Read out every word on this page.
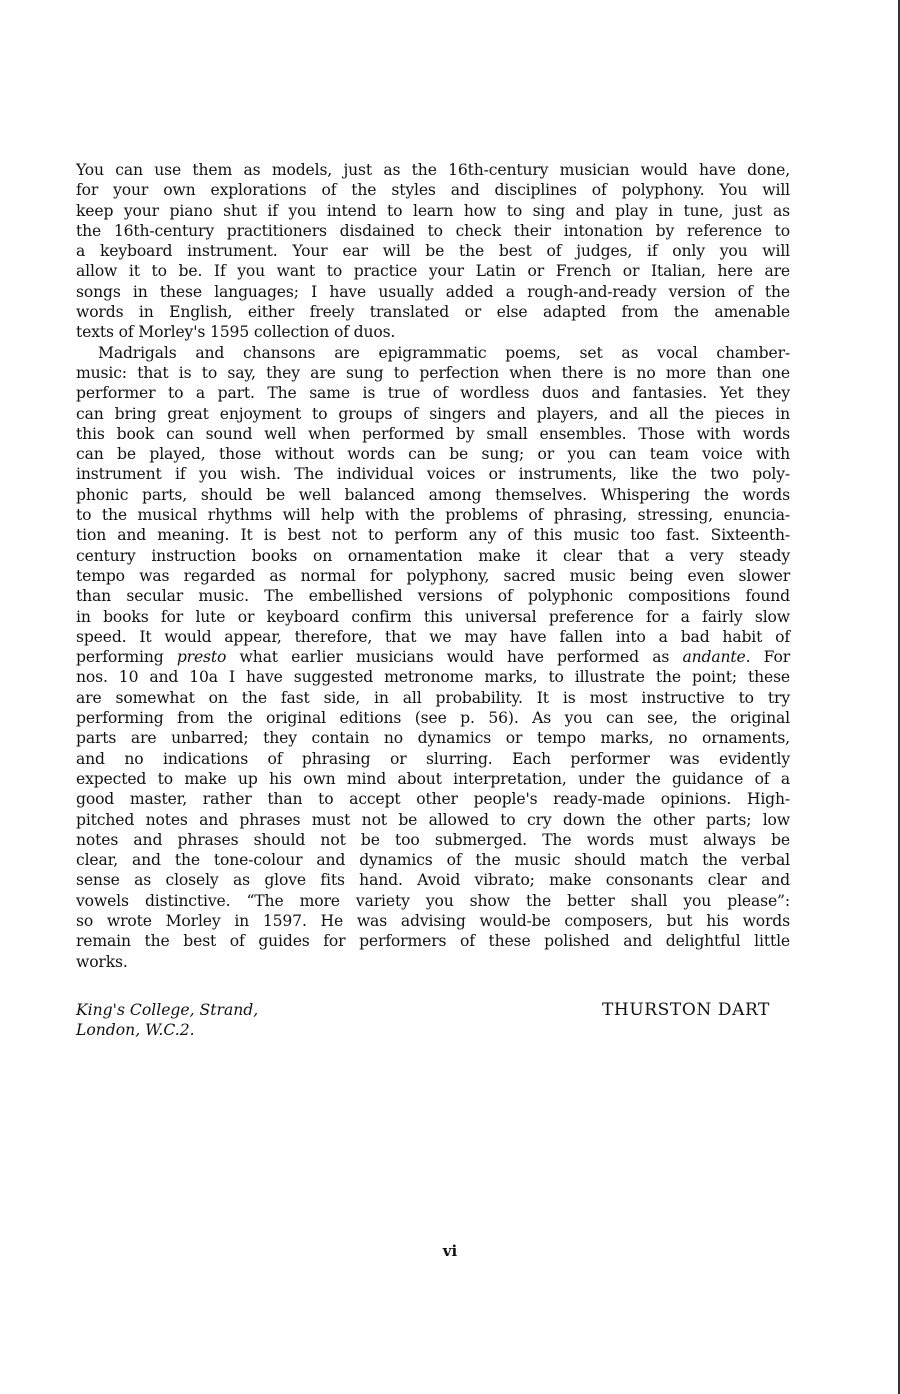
You can use them as models, just as the 16th-century musician would have done,
for your own explorations of the styles and disciplines of polyphony. You will
keep your piano shut if you intend to learn how to sing and play in tune, just as
the 16th-century practitioners disdained to check their intonation by reference to
a keyboard instrument. Your ear will be the best of judges, if only you will
allow it to be. If you want to practice your Latin or French or Italian, here are
songs in these languages; I have usually added a rough-and-ready version of the
words in English, either freely translated or else adapted from the amenable
texts of Morley's 1595 collection of duos.
Madrigals and chansons are epigrammatic poems, set as vocal chamber-
music: that is to say, they are sung to perfection when there is no more than one
performer to a part. The same is true of wordless duos and fantasies. Yet they
can bring great enjoyment to groups of singers and players, and all the pieces in
this book can sound well when performed by small ensembles. Those with words
can be played, those without words can be sung; or you can team voice with
instrument if you wish. The individual voices or instruments, like the two poly-
phonic parts, should be well balanced among themselves. Whispering the words
to the musical rhythms will help with the problems of phrasing, stressing, enuncia-
tion and meaning. It is best not to perform any of this music too fast. Sixteenth-
century instruction books on ornamentation make it clear that a very steady
tempo was regarded as normal for polyphony, sacred music being even slower
than secular music. The embellished versions of polyphonic compositions found
in books for lute or keyboard confirm this universal preference for a fairly slow
speed. It would appear, therefore, that we may have fallen into a bad habit of
performing presto what earlier musicians would have performed as andante. For
nos. 10 and 10a I have suggested metronome marks, to illustrate the point; these
are somewhat on the fast side, in all probability. It is most instructive to try
performing from the original editions (see p. 56). As you can see, the original
parts are unbarred; they contain no dynamics or tempo marks, no ornaments,
and no indications of phrasing or slurring. Each performer was evidently
expected to make up his own mind about interpretation, under the guidance of a
good master, rather than to accept other people's ready-made opinions. High-
pitched notes and phrases must not be allowed to cry down the other parts; low
notes and phrases should not be too submerged. The words must always be
clear, and the tone-colour and dynamics of the music should match the verbal
sense as closely as glove fits hand. Avoid vibrato; make consonants clear and
vowels distinctive. “The more variety you show the better shall you please”:
so wrote Morley in 1597. He was advising would-be composers, but his words
remain the best of guides for performers of these polished and delightful little
works.
King's College, Strand,
London, W.C.2.
THURSTON DART
vi
